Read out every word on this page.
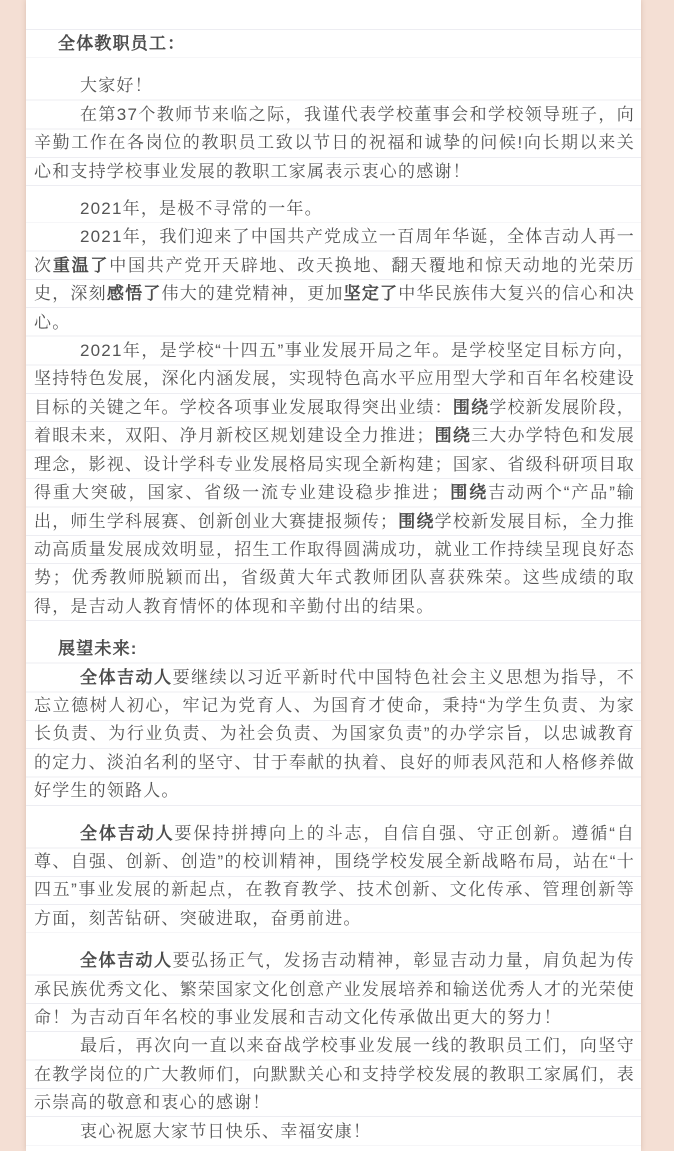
全体教职员工：

大家好！

在第37个教师节来临之际，我谨代表学校董事会和学校领导班子，向辛勤工作在各岗位的教职员工致以节日的祝福和诚挚的问候!向长期以来关心和支持学校事业发展的教职工家属表示衷心的感谢！

2021年，是极不寻常的一年。

2021年，我们迎来了中国共产党成立一百周年华诞，全体吉动人再一次重温了中国共产党开天辟地、改天换地、翻天覆地和惊天动地的光荣历史，深刻感悟了伟大的建党精神，更加坚定了中华民族伟大复兴的信心和决心。

2021年，是学校“十四五”事业发展开局之年。是学校坚定目标方向，坚持特色发展，深化内涵发展，实现特色高水平应用型大学和百年名校建设目标的关键之年。学校各项事业发展取得突出业绩：围绕学校新发展阶段，着眼未来，双阳、净月新校区规划建设全力推进；围绕三大办学特色和发展理念，影视、设计学科专业发展格局实现全新构建；国家、省级科研项目取得重大突破，国家、省级一流专业建设稳步推进；围绕吉动两个“产品”输出，师生学科展赛、创新创业大赛捷报频传；围绕学校新发展目标，全力推动高质量发展成效明显，招生工作取得圆满成功，就业工作持续呈现良好态势；优秀教师脱颖而出，省级黄大年式教师团队喜获殊荣。这些成绩的取得，是吉动人教育情怀的体现和辛勤付出的结果。

展望未来:

全体吉动人要继续以习近平新时代中国特色社会主义思想为指导，不忘立德树人初心，牢记为党育人、为国育才使命，秉持“为学生负责、为家长负责、为行业负责、为社会负责、为国家负责”的办学宗旨，以忠诚教育的定力、淡泊名利的坚守、甘于奉献的执着、良好的师表风范和人格修养做好学生的领路人。

全体吉动人要保持拼搏向上的斗志，自信自强、守正创新。遵循“自尊、自强、创新、创造”的校训精神，围绕学校发展全新战略布局，站在“十四五”事业发展的新起点，在教育教学、技术创新、文化传承、管理创新等方面，刻苦钻研、突破进取，奋勇前进。

全体吉动人要弘扬正气，发扬吉动精神，彰显吉动力量，肩负起为传承民族优秀文化、繁荣国家文化创意产业发展培养和输送优秀人才的光荣使命！为吉动百年名校的事业发展和吉动文化传承做出更大的努力！

最后，再次向一直以来奋战学校事业发展一线的教职员工们，向坚守在教学岗位的广大教师们，向默默关心和支持学校发展的教职工家属们，表示崇高的敬意和衷心的感谢！

衷心祝愿大家节日快乐、幸福安康！
